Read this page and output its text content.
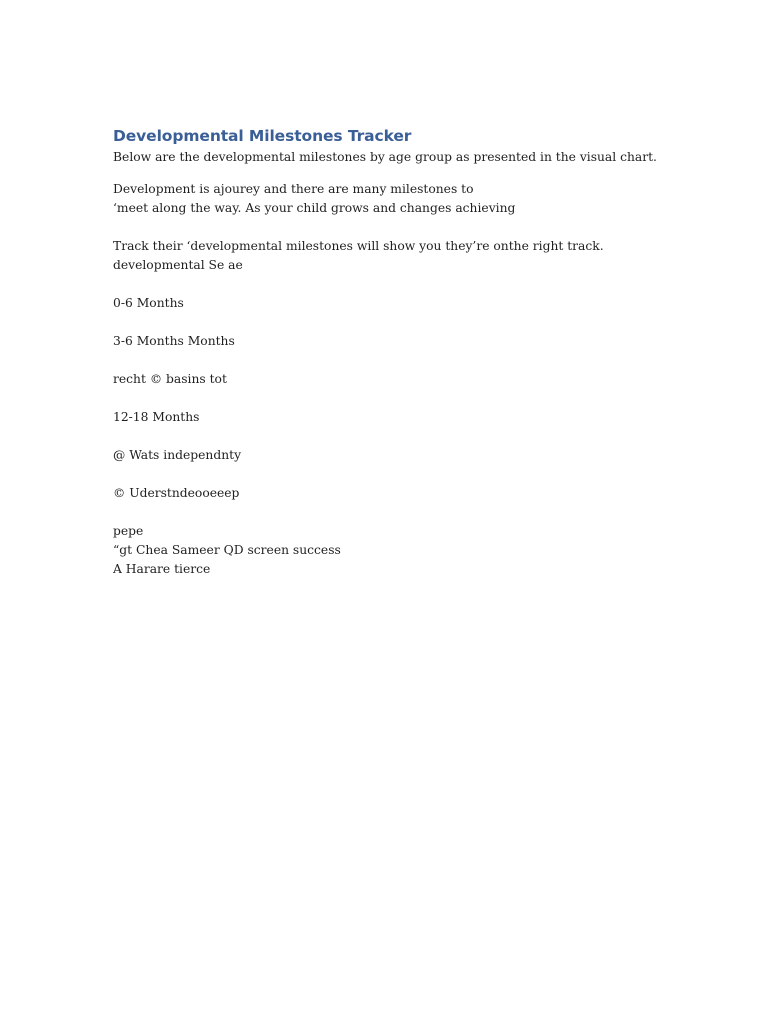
Developmental Milestones Tracker
Below are the developmental milestones by age group as presented in the visual chart.
Development is ajourey and there are many milestones to
‘meet along the way. As your child grows and changes achieving
Track their ‘developmental milestones will show you they’re onthe right track.
developmental Se ae
0-6 Months
3-6 Months Months
recht © basins tot
12-18 Months
@ Wats independnty
© Uderstndeooeeep
pepe
“gt Chea Sameer QD screen success
A Harare tierce
